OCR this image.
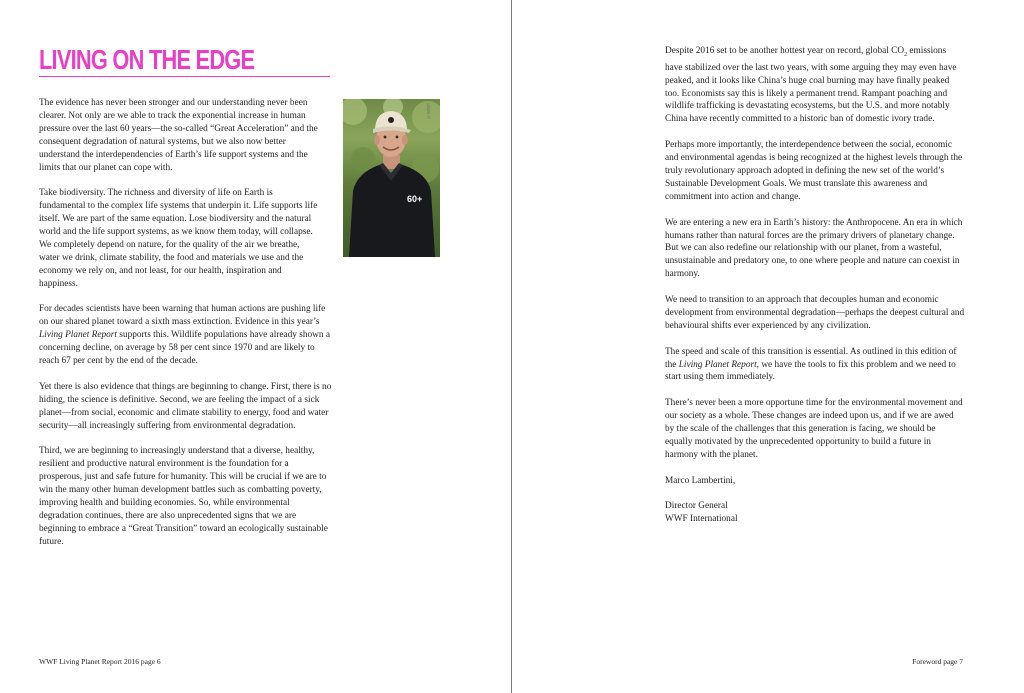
LIVING ON THE EDGE
60+
©WWF

The evidence has never been stronger and our understanding never been clearer. Not only are we able to track the exponential increase in human pressure over the last 60 years—the so-called “Great Acceleration” and the consequent degradation of natural systems, but we also now better understand the interdependencies of Earth’s life support systems and the limits that our planet can cope with.

Take biodiversity. The richness and diversity of life on Earth is fundamental to the complex life systems that underpin it. Life supports life itself. We are part of the same equation. Lose biodiversity and the natural world and the life support systems, as we know them today, will collapse. We completely depend on nature, for the quality of the air we breathe, water we drink, climate stability, the food and materials we use and the economy we rely on, and not least, for our health, inspiration and happiness.

For decades scientists have been warning that human actions are pushing life on our shared planet toward a sixth mass extinction. Evidence in this year’s Living Planet Report supports this. Wildlife populations have already shown a concerning decline, on average by 58 per cent since 1970 and are likely to reach 67 per cent by the end of the decade.

Yet there is also evidence that things are beginning to change. First, there is no hiding, the science is definitive. Second, we are feeling the impact of a sick planet—from social, economic and climate stability to energy, food and water security—all increasingly suffering from environmental degradation.

Third, we are beginning to increasingly understand that a diverse, healthy, resilient and productive natural environment is the foundation for a prosperous, just and safe future for humanity. This will be crucial if we are to win the many other human development battles such as combatting poverty, improving health and building economies. So, while environmental degradation continues, there are also unprecedented signs that we are beginning to embrace a “Great Transition” toward an ecologically sustainable future.

WWF Living Planet Report 2016 page 6	Foreword page 7

Despite 2016 set to be another hottest year on record, global $CO_2$ emissions have stabilized over the last two years, with some arguing they may even have peaked, and it looks like China’s huge coal burning may have finally peaked too. Economists say this is likely a permanent trend. Rampant poaching and wildlife trafficking is devastating ecosystems, but the U.S. and more notably China have recently committed to a historic ban of domestic ivory trade.

Perhaps more importantly, the interdependence between the social, economic and environmental agendas is being recognized at the highest levels through the truly revolutionary approach adopted in defining the new set of the world’s Sustainable Development Goals. We must translate this awareness and commitment into action and change.

We are entering a new era in Earth’s history: the Anthropocene. An era in which humans rather than natural forces are the primary drivers of planetary change. But we can also redefine our relationship with our planet, from a wasteful, unsustainable and predatory one, to one where people and nature can coexist in harmony.

We need to transition to an approach that decouples human and economic development from environmental degradation—perhaps the deepest cultural and behavioural shifts ever experienced by any civilization.

The speed and scale of this transition is essential. As outlined in this edition of the Living Planet Report, we have the tools to fix this problem and we need to start using them immediately.

There’s never been a more opportune time for the environmental movement and our society as a whole. These changes are indeed upon us, and if we are awed by the scale of the challenges that this generation is facing, we should be equally motivated by the unprecedented opportunity to build a future in harmony with the planet.

Marco Lambertini,

Director General
WWF International
